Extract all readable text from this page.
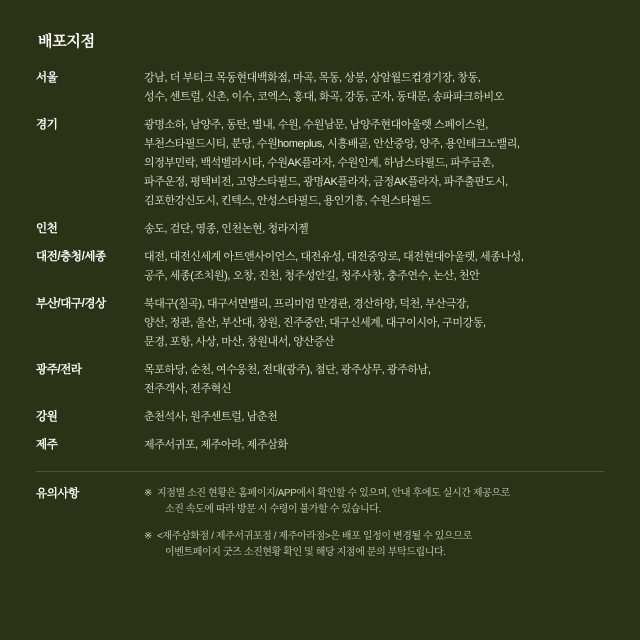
배포지점
서울	강남, 더 부티크 목동현대백화점, 마곡, 목동, 상봉, 상암월드컵경기장, 창동,
성수, 센트럴, 신촌, 이수, 코엑스, 홍대, 화곡, 강동, 군자, 동대문, 송파파크하비오
경기	광명소하, 남양주, 동탄, 별내, 수원, 수원남문, 남양주현대아울렛 스페이스원,
부천스타필드시티, 분당, 수원homeplus, 시흥배곧, 안산중앙, 양주, 용인테크노밸리,
의정부민락, 백석벨라시타, 수원AK플라자, 수원인계, 하남스타필드, 파주금촌,
파주운정, 평택비전, 고양스타필드, 광명AK플라자, 금정AK플라자, 파주출판도시,
김포한강신도시, 킨텍스, 안성스타필드, 용인기흥, 수원스타필드
인천	송도, 검단, 영종, 인천논현, 청라지젤
대전/충청/세종	대전, 대전신세계 아트앤사이언스, 대전유성, 대전중앙로, 대전현대아울렛, 세종나성,
공주, 세종(조치원), 오창, 진천, 청주성안길, 청주사창, 충주연수, 논산, 천안
부산/대구/경상	북대구(칠곡), 대구서면밸리, 프리미엄 만경관, 경산하양, 덕천, 부산극장,
양산, 정관, 울산, 부산대, 창원, 진주중안, 대구신세계, 대구이시아, 구미강동,
문경, 포항, 사상, 마산, 창원내서, 양산증산
광주/전라	목포하당, 순천, 여수웅천, 전대(광주), 첨단, 광주상무, 광주하남,
전주객사, 전주혁신
강원	춘천석사, 원주센트럴, 남춘천
제주	제주서귀포, 제주아라, 제주삼화
유의사항	※ 지점별 소진 현황은 홈페이지/APP에서 확인할 수 있으며, 안내 후에도 실시간 제공으로
소진 속도에 따라 방문 시 수령이 불가할 수 있습니다.
※ <재주삼화점 / 제주서귀포점 / 제주아라점>은 배포 일정이 변경될 수 있으므로
이벤트페이지 굿즈 소진현황 확인 및 해당 지점에 문의 부탁드립니다.
